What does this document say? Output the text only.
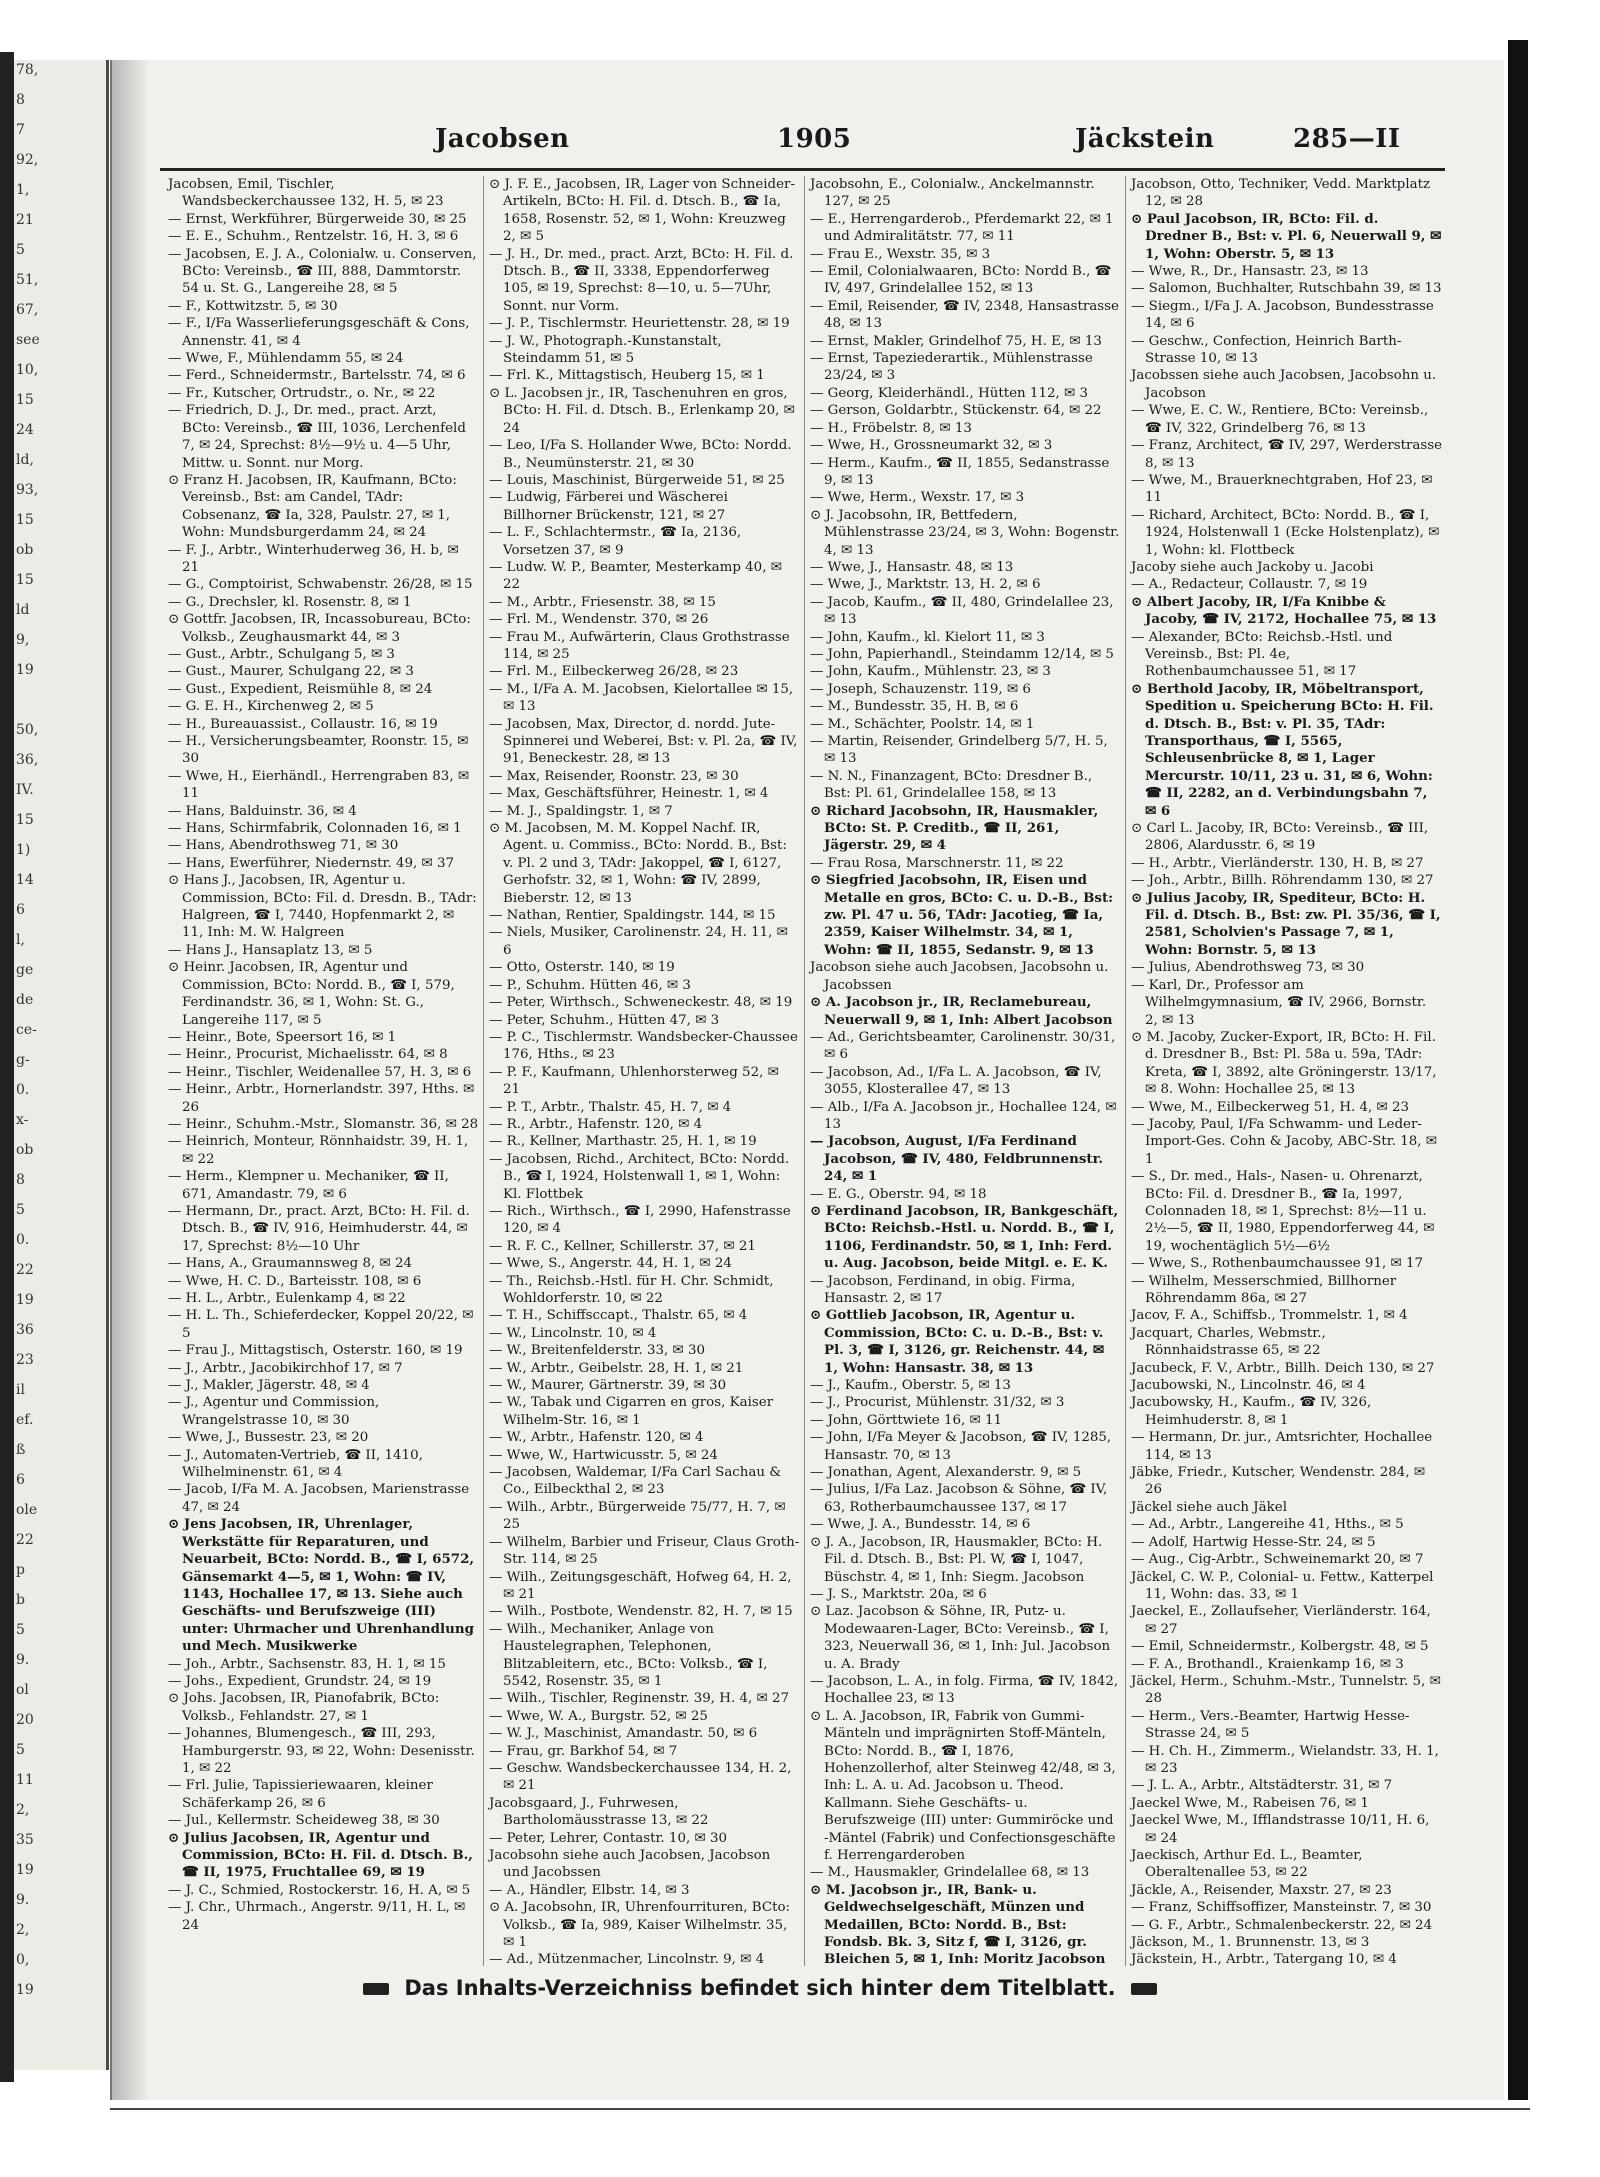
78,
8
7
92,
1,
21
5
51,
67,
see
10,
15
24
ld,
93,
15
ob
15
ld
9,
19
50,
36,
IV.
15
1)
14
6
l,
ge
de
ce-
g-
0.
x-
ob
8
5
0.
22
19
36
23
il
ef.
ß
6
ole
22
p
b
5
9.
ol
20
5
11
2,
35
19
9.
2,
0,
19
Jacobsen	1905	Jäckstein	285—II

Jacobsen, Emil, Tischler, Wandsbeckerchaussee 132, H. 5, ✉ 23

— Ernst, Werkführer, Bürgerweide 30, ✉ 25

— E. E., Schuhm., Rentzelstr. 16, H. 3, ✉ 6

— Jacobsen, E. J. A., Colonialw. u. Conserven, BCto: Vereinsb., ☎ III, 888, Dammtorstr. 54 u. St. G., Langereihe 28, ✉ 5

— F., Kottwitzstr. 5, ✉ 30

— F., I/Fa Wasserlieferungsgeschäft & Cons, Annenstr. 41, ✉ 4

— Wwe, F., Mühlendamm 55, ✉ 24

— Ferd., Schneidermstr., Bartelsstr. 74, ✉ 6

— Fr., Kutscher, Ortrudstr., o. Nr., ✉ 22

— Friedrich, D. J., Dr. med., pract. Arzt, BCto: Vereinsb., ☎ III, 1036, Lerchenfeld 7, ✉ 24, Sprechst: 8½—9½ u. 4—5 Uhr, Mittw. u. Sonnt. nur Morg.

⊙ Franz H. Jacobsen, IR, Kaufmann, BCto: Vereinsb., Bst: am Candel, TAdr: Cobsenanz, ☎ Ia, 328, Paulstr. 27, ✉ 1, Wohn: Mundsburgerdamm 24, ✉ 24

— F. J., Arbtr., Winterhuderweg 36, H. b, ✉ 21

— G., Comptoirist, Schwabenstr. 26/28, ✉ 15

— G., Drechsler, kl. Rosenstr. 8, ✉ 1

⊙ Gottfr. Jacobsen, IR, Incassobureau, BCto: Volksb., Zeughausmarkt 44, ✉ 3

— Gust., Arbtr., Schulgang 5, ✉ 3

— Gust., Maurer, Schulgang 22, ✉ 3

— Gust., Expedient, Reismühle 8, ✉ 24

— G. E. H., Kirchenweg 2, ✉ 5

— H., Bureauassist., Collaustr. 16, ✉ 19

— H., Versicherungsbeamter, Roonstr. 15, ✉ 30

— Wwe, H., Eierhändl., Herrengraben 83, ✉ 11

— Hans, Balduinstr. 36, ✉ 4

— Hans, Schirmfabrik, Colonnaden 16, ✉ 1

— Hans, Abendrothsweg 71, ✉ 30

— Hans, Ewerführer, Niedernstr. 49, ✉ 37

⊙ Hans J., Jacobsen, IR, Agentur u. Commission, BCto: Fil. d. Dresdn. B., TAdr: Halgreen, ☎ I, 7440, Hopfenmarkt 2, ✉ 11, Inh: M. W. Halgreen

— Hans J., Hansaplatz 13, ✉ 5

⊙ Heinr. Jacobsen, IR, Agentur und Commission, BCto: Nordd. B., ☎ I, 579, Ferdinandstr. 36, ✉ 1, Wohn: St. G., Langereihe 117, ✉ 5

— Heinr., Bote, Speersort 16, ✉ 1

— Heinr., Procurist, Michaelisstr. 64, ✉ 8

— Heinr., Tischler, Weidenallee 57, H. 3, ✉ 6

— Heinr., Arbtr., Hornerlandstr. 397, Hths. ✉ 26

— Heinr., Schuhm.-Mstr., Slomanstr. 36, ✉ 28

— Heinrich, Monteur, Rönnhaidstr. 39, H. 1, ✉ 22

— Herm., Klempner u. Mechaniker, ☎ II, 671, Amandastr. 79, ✉ 6

— Hermann, Dr., pract. Arzt, BCto: H. Fil. d. Dtsch. B., ☎ IV, 916, Heimhuderstr. 44, ✉ 17, Sprechst: 8½—10 Uhr

— Hans, A., Graumannsweg 8, ✉ 24

— Wwe, H. C. D., Barteisstr. 108, ✉ 6

— H. L., Arbtr., Eulenkamp 4, ✉ 22

— H. L. Th., Schieferdecker, Koppel 20/22, ✉ 5

— Frau J., Mittagstisch, Osterstr. 160, ✉ 19

— J., Arbtr., Jacobikirchhof 17, ✉ 7

— J., Makler, Jägerstr. 48, ✉ 4

— J., Agentur und Commission, Wrangelstrasse 10, ✉ 30

— Wwe, J., Bussestr. 23, ✉ 20

— J., Automaten-Vertrieb, ☎ II, 1410, Wilhelminenstr. 61, ✉ 4

— Jacob, I/Fa M. A. Jacobsen, Marienstrasse 47, ✉ 24

⊙ Jens Jacobsen, IR, Uhrenlager, Werkstätte für Reparaturen, und Neuarbeit, BCto: Nordd. B., ☎ I, 6572, Gänsemarkt 4—5, ✉ 1, Wohn: ☎ IV, 1143, Hochallee 17, ✉ 13. Siehe auch Geschäfts- und Berufszweige (III) unter: Uhrmacher und Uhrenhandlung und Mech. Musikwerke

— Joh., Arbtr., Sachsenstr. 83, H. 1, ✉ 15

— Johs., Expedient, Grundstr. 24, ✉ 19

⊙ Johs. Jacobsen, IR, Pianofabrik, BCto: Volksb., Fehlandstr. 27, ✉ 1

— Johannes, Blumengesch., ☎ III, 293, Hamburgerstr. 93, ✉ 22, Wohn: Desenisstr. 1, ✉ 22

— Frl. Julie, Tapissieriewaaren, kleiner Schäferkamp 26, ✉ 6

— Jul., Kellermstr. Scheideweg 38, ✉ 30

⊙ Julius Jacobsen, IR, Agentur und Commission, BCto: H. Fil. d. Dtsch. B., ☎ II, 1975, Fruchtallee 69, ✉ 19

— J. C., Schmied, Rostockerstr. 16, H. A, ✉ 5

— J. Chr., Uhrmach., Angerstr. 9/11, H. L, ✉ 24

⊙ J. F. E., Jacobsen, IR, Lager von Schneider-Artikeln, BCto: H. Fil. d. Dtsch. B., ☎ Ia, 1658, Rosenstr. 52, ✉ 1, Wohn: Kreuzweg 2, ✉ 5

— J. H., Dr. med., pract. Arzt, BCto: H. Fil. d. Dtsch. B., ☎ II, 3338, Eppendorferweg 105, ✉ 19, Sprechst: 8—10, u. 5—7Uhr, Sonnt. nur Vorm.

— J. P., Tischlermstr. Heuriettenstr. 28, ✉ 19

— J. W., Photograph.-Kunstanstalt, Steindamm 51, ✉ 5

— Frl. K., Mittagstisch, Heuberg 15, ✉ 1

⊙ L. Jacobsen jr., IR, Taschenuhren en gros, BCto: H. Fil. d. Dtsch. B., Erlenkamp 20, ✉ 24

— Leo, I/Fa S. Hollander Wwe, BCto: Nordd. B., Neumünsterstr. 21, ✉ 30

— Louis, Maschinist, Bürgerweide 51, ✉ 25

— Ludwig, Färberei und Wäscherei Billhorner Brückenstr, 121, ✉ 27

— L. F., Schlachtermstr., ☎ Ia, 2136, Vorsetzen 37, ✉ 9

— Ludw. W. P., Beamter, Mesterkamp 40, ✉ 22

— M., Arbtr., Friesenstr. 38, ✉ 15

— Frl. M., Wendenstr. 370, ✉ 26

— Frau M., Aufwärterin, Claus Grothstrasse 114, ✉ 25

— Frl. M., Eilbeckerweg 26/28, ✉ 23

— M., I/Fa A. M. Jacobsen, Kielortallee ✉ 15, ✉ 13

— Jacobsen, Max, Director, d. nordd. Jute-Spinnerei und Weberei, Bst: v. Pl. 2a, ☎ IV, 91, Beneckestr. 28, ✉ 13

— Max, Reisender, Roonstr. 23, ✉ 30

— Max, Geschäftsführer, Heinestr. 1, ✉ 4

— M. J., Spaldingstr. 1, ✉ 7

⊙ M. Jacobsen, M. M. Koppel Nachf. IR, Agent. u. Commiss., BCto: Nordd. B., Bst: v. Pl. 2 und 3, TAdr: Jakoppel, ☎ I, 6127, Gerhofstr. 32, ✉ 1, Wohn: ☎ IV, 2899, Bieberstr. 12, ✉ 13

— Nathan, Rentier, Spaldingstr. 144, ✉ 15

— Niels, Musiker, Carolinenstr. 24, H. 11, ✉ 6

— Otto, Osterstr. 140, ✉ 19

— P., Schuhm. Hütten 46, ✉ 3

— Peter, Wirthsch., Schweneckestr. 48, ✉ 19

— Peter, Schuhm., Hütten 47, ✉ 3

— P. C., Tischlermstr. Wandsbecker-Chaussee 176, Hths., ✉ 23

— P. F., Kaufmann, Uhlenhorsterweg 52, ✉ 21

— P. T., Arbtr., Thalstr. 45, H. 7, ✉ 4

— R., Arbtr., Hafenstr. 120, ✉ 4

— R., Kellner, Marthastr. 25, H. 1, ✉ 19

— Jacobsen, Richd., Architect, BCto: Nordd. B., ☎ I, 1924, Holstenwall 1, ✉ 1, Wohn: Kl. Flottbek

— Rich., Wirthsch., ☎ I, 2990, Hafenstrasse 120, ✉ 4

— R. F. C., Kellner, Schillerstr. 37, ✉ 21

— Wwe, S., Angerstr. 44, H. 1, ✉ 24

— Th., Reichsb.-Hstl. für H. Chr. Schmidt, Wohldorferstr. 10, ✉ 22

— T. H., Schiffsccapt., Thalstr. 65, ✉ 4

— W., Lincolnstr. 10, ✉ 4

— W., Breitenfelderstr. 33, ✉ 30

— W., Arbtr., Geibelstr. 28, H. 1, ✉ 21

— W., Maurer, Gärtnerstr. 39, ✉ 30

— W., Tabak und Cigarren en gros, Kaiser Wilhelm-Str. 16, ✉ 1

— W., Arbtr., Hafenstr. 120, ✉ 4

— Wwe, W., Hartwicusstr. 5, ✉ 24

— Jacobsen, Waldemar, I/Fa Carl Sachau & Co., Eilbeckthal 2, ✉ 23

— Wilh., Arbtr., Bürgerweide 75/77, H. 7, ✉ 25

— Wilhelm, Barbier und Friseur, Claus Groth-Str. 114, ✉ 25

— Wilh., Zeitungsgeschäft, Hofweg 64, H. 2, ✉ 21

— Wilh., Postbote, Wendenstr. 82, H. 7, ✉ 15

— Wilh., Mechaniker, Anlage von Haustelegraphen, Telephonen, Blitzableitern, etc., BCto: Volksb., ☎ I, 5542, Rosenstr. 35, ✉ 1

— Wilh., Tischler, Reginenstr. 39, H. 4, ✉ 27

— Wwe, W. A., Burgstr. 52, ✉ 25

— W. J., Maschinist, Amandastr. 50, ✉ 6

— Frau, gr. Barkhof 54, ✉ 7

— Geschw. Wandsbeckerchaussee 134, H. 2, ✉ 21

Jacobsgaard, J., Fuhrwesen, Bartholomäusstrasse 13, ✉ 22

— Peter, Lehrer, Contastr. 10, ✉ 30

Jacobsohn siehe auch Jacobsen, Jacobson und Jacobssen

— A., Händler, Elbstr. 14, ✉ 3

⊙ A. Jacobsohn, IR, Uhrenfourrituren, BCto: Volksb., ☎ Ia, 989, Kaiser Wilhelmstr. 35, ✉ 1

— Ad., Mützenmacher, Lincolnstr. 9, ✉ 4

Jacobsohn, E., Colonialw., Anckelmannstr. 127, ✉ 25

— E., Herrengarderob., Pferdemarkt 22, ✉ 1 und Admiralitätstr. 77, ✉ 11

— Frau E., Wexstr. 35, ✉ 3

— Emil, Colonialwaaren, BCto: Nordd B., ☎ IV, 497, Grindelallee 152, ✉ 13

— Emil, Reisender, ☎ IV, 2348, Hansastrasse 48, ✉ 13

— Ernst, Makler, Grindelhof 75, H. E, ✉ 13

— Ernst, Tapeziederartik., Mühlenstrasse 23/24, ✉ 3

— Georg, Kleiderhändl., Hütten 112, ✉ 3

— Gerson, Goldarbtr., Stückenstr. 64, ✉ 22

— H., Fröbelstr. 8, ✉ 13

— Wwe, H., Grossneumarkt 32, ✉ 3

— Herm., Kaufm., ☎ II, 1855, Sedanstrasse 9, ✉ 13

— Wwe, Herm., Wexstr. 17, ✉ 3

⊙ J. Jacobsohn, IR, Bettfedern, Mühlenstrasse 23/24, ✉ 3, Wohn: Bogenstr. 4, ✉ 13

— Wwe, J., Hansastr. 48, ✉ 13

— Wwe, J., Marktstr. 13, H. 2, ✉ 6

— Jacob, Kaufm., ☎ II, 480, Grindelallee 23, ✉ 13

— John, Kaufm., kl. Kielort 11, ✉ 3

— John, Papierhandl., Steindamm 12/14, ✉ 5

— John, Kaufm., Mühlenstr. 23, ✉ 3

— Joseph, Schauzenstr. 119, ✉ 6

— M., Bundesstr. 35, H. B, ✉ 6

— M., Schächter, Poolstr. 14, ✉ 1

— Martin, Reisender, Grindelberg 5/7, H. 5, ✉ 13

— N. N., Finanzagent, BCto: Dresdner B., Bst: Pl. 61, Grindelallee 158, ✉ 13

⊙ Richard Jacobsohn, IR, Hausmakler, BCto: St. P. Creditb., ☎ II, 261, Jägerstr. 29, ✉ 4

— Frau Rosa, Marschnerstr. 11, ✉ 22

⊙ Siegfried Jacobsohn, IR, Eisen und Metalle en gros, BCto: C. u. D.-B., Bst: zw. Pl. 47 u. 56, TAdr: Jacotieg, ☎ Ia, 2359, Kaiser Wilhelmstr. 34, ✉ 1, Wohn: ☎ II, 1855, Sedanstr. 9, ✉ 13

Jacobson siehe auch Jacobsen, Jacobsohn u. Jacobssen

⊙ A. Jacobson jr., IR, Reclamebureau, Neuerwall 9, ✉ 1, Inh: Albert Jacobson

— Ad., Gerichtsbeamter, Carolinenstr. 30/31, ✉ 6

— Jacobson, Ad., I/Fa L. A. Jacobson, ☎ IV, 3055, Klosterallee 47, ✉ 13

— Alb., I/Fa A. Jacobson jr., Hochallee 124, ✉ 13

— Jacobson, August, I/Fa Ferdinand Jacobson, ☎ IV, 480, Feldbrunnenstr. 24, ✉ 1

— E. G., Oberstr. 94, ✉ 18

⊙ Ferdinand Jacobson, IR, Bankgeschäft, BCto: Reichsb.-Hstl. u. Nordd. B., ☎ I, 1106, Ferdinandstr. 50, ✉ 1, Inh: Ferd. u. Aug. Jacobson, beide Mitgl. e. E. K.

— Jacobson, Ferdinand, in obig. Firma, Hansastr. 2, ✉ 17

⊙ Gottlieb Jacobson, IR, Agentur u. Commission, BCto: C. u. D.-B., Bst: v. Pl. 3, ☎ I, 3126, gr. Reichenstr. 44, ✉ 1, Wohn: Hansastr. 38, ✉ 13

— J., Kaufm., Oberstr. 5, ✉ 13

— J., Procurist, Mühlenstr. 31/32, ✉ 3

— John, Görttwiete 16, ✉ 11

— John, I/Fa Meyer & Jacobson, ☎ IV, 1285, Hansastr. 70, ✉ 13

— Jonathan, Agent, Alexanderstr. 9, ✉ 5

— Julius, I/Fa Laz. Jacobson & Söhne, ☎ IV, 63, Rotherbaumchaussee 137, ✉ 17

— Wwe, J. A., Bundesstr. 14, ✉ 6

⊙ J. A., Jacobson, IR, Hausmakler, BCto: H. Fil. d. Dtsch. B., Bst: Pl. W, ☎ I, 1047, Büschstr. 4, ✉ 1, Inh: Siegm. Jacobson

— J. S., Marktstr. 20a, ✉ 6

⊙ Laz. Jacobson & Söhne, IR, Putz- u. Modewaaren-Lager, BCto: Vereinsb., ☎ I, 323, Neuerwall 36, ✉ 1, Inh: Jul. Jacobson u. A. Brady

— Jacobson, L. A., in folg. Firma, ☎ IV, 1842, Hochallee 23, ✉ 13

⊙ L. A. Jacobson, IR, Fabrik von Gummi-Mänteln und imprägnirten Stoff-Mänteln, BCto: Nordd. B., ☎ I, 1876, Hohenzollerhof, alter Steinweg 42/48, ✉ 3, Inh: L. A. u. Ad. Jacobson u. Theod. Kallmann. Siehe Geschäfts- u. Berufszweige (III) unter: Gummiröcke und -Mäntel (Fabrik) und Confectionsgeschäfte f. Herrengarderoben

— M., Hausmakler, Grindelallee 68, ✉ 13

⊙ M. Jacobson jr., IR, Bank- u. Geldwechselgeschäft, Münzen und Medaillen, BCto: Nordd. B., Bst: Fondsb. Bk. 3, Sitz f, ☎ I, 3126, gr. Bleichen 5, ✉ 1, Inh: Moritz Jacobson

Jacobson, Otto, Techniker, Vedd. Marktplatz 12, ✉ 28

⊙ Paul Jacobson, IR, BCto: Fil. d. Dredner B., Bst: v. Pl. 6, Neuerwall 9, ✉ 1, Wohn: Oberstr. 5, ✉ 13

— Wwe, R., Dr., Hansastr. 23, ✉ 13

— Salomon, Buchhalter, Rutschbahn 39, ✉ 13

— Siegm., I/Fa J. A. Jacobson, Bundesstrasse 14, ✉ 6

— Geschw., Confection, Heinrich Barth-Strasse 10, ✉ 13

Jacobssen siehe auch Jacobsen, Jacobsohn u. Jacobson

— Wwe, E. C. W., Rentiere, BCto: Vereinsb., ☎ IV, 322, Grindelberg 76, ✉ 13

— Franz, Architect, ☎ IV, 297, Werderstrasse 8, ✉ 13

— Wwe, M., Brauerknechtgraben, Hof 23, ✉ 11

— Richard, Architect, BCto: Nordd. B., ☎ I, 1924, Holstenwall 1 (Ecke Holstenplatz), ✉ 1, Wohn: kl. Flottbeck

Jacoby siehe auch Jackoby u. Jacobi

— A., Redacteur, Collaustr. 7, ✉ 19

⊙ Albert Jacoby, IR, I/Fa Knibbe & Jacoby, ☎ IV, 2172, Hochallee 75, ✉ 13

— Alexander, BCto: Reichsb.-Hstl. und Vereinsb., Bst: Pl. 4e, Rothenbaumchaussee 51, ✉ 17

⊙ Berthold Jacoby, IR, Möbeltransport, Spedition u. Speicherung BCto: H. Fil. d. Dtsch. B., Bst: v. Pl. 35, TAdr: Transporthaus, ☎ I, 5565, Schleusenbrücke 8, ✉ 1, Lager Mercurstr. 10/11, 23 u. 31, ✉ 6, Wohn: ☎ II, 2282, an d. Verbindungsbahn 7, ✉ 6

⊙ Carl L. Jacoby, IR, BCto: Vereinsb., ☎ III, 2806, Alardusstr. 6, ✉ 19

— H., Arbtr., Vierländerstr. 130, H. B, ✉ 27

— Joh., Arbtr., Billh. Röhrendamm 130, ✉ 27

⊙ Julius Jacoby, IR, Spediteur, BCto: H. Fil. d. Dtsch. B., Bst: zw. Pl. 35/36, ☎ I, 2581, Scholvien's Passage 7, ✉ 1, Wohn: Bornstr. 5, ✉ 13

— Julius, Abendrothsweg 73, ✉ 30

— Karl, Dr., Professor am Wilhelmgymnasium, ☎ IV, 2966, Bornstr. 2, ✉ 13

⊙ M. Jacoby, Zucker-Export, IR, BCto: H. Fil. d. Dresdner B., Bst: Pl. 58a u. 59a, TAdr: Kreta, ☎ I, 3892, alte Gröningerstr. 13/17, ✉ 8. Wohn: Hochallee 25, ✉ 13

— Wwe, M., Eilbeckerweg 51, H. 4, ✉ 23

— Jacoby, Paul, I/Fa Schwamm- und Leder-Import-Ges. Cohn & Jacoby, ABC-Str. 18, ✉ 1

— S., Dr. med., Hals-, Nasen- u. Ohrenarzt, BCto: Fil. d. Dresdner B., ☎ Ia, 1997, Colonnaden 18, ✉ 1, Sprechst: 8½—11 u. 2½—5, ☎ II, 1980, Eppendorferweg 44, ✉ 19, wochentäglich 5½—6½

— Wwe, S., Rothenbaumchaussee 91, ✉ 17

— Wilhelm, Messerschmied, Billhorner Röhrendamm 86a, ✉ 27

Jacov, F. A., Schiffsb., Trommelstr. 1, ✉ 4

Jacquart, Charles, Webmstr., Rönnhaidstrasse 65, ✉ 22

Jacubeck, F. V., Arbtr., Billh. Deich 130, ✉ 27

Jacubowski, N., Lincolnstr. 46, ✉ 4

Jacubowsky, H., Kaufm., ☎ IV, 326, Heimhuderstr. 8, ✉ 1

— Hermann, Dr. jur., Amtsrichter, Hochallee 114, ✉ 13

Jäbke, Friedr., Kutscher, Wendenstr. 284, ✉ 26

Jäckel siehe auch Jäkel

— Ad., Arbtr., Langereihe 41, Hths., ✉ 5

— Adolf, Hartwig Hesse-Str. 24, ✉ 5

— Aug., Cig-Arbtr., Schweinemarkt 20, ✉ 7

Jäckel, C. W. P., Colonial- u. Fettw., Katterpel 11, Wohn: das. 33, ✉ 1

Jaeckel, E., Zollaufseher, Vierländerstr. 164, ✉ 27

— Emil, Schneidermstr., Kolbergstr. 48, ✉ 5

— F. A., Brothandl., Kraienkamp 16, ✉ 3

Jäckel, Herm., Schuhm.-Mstr., Tunnelstr. 5, ✉ 28

— Herm., Vers.-Beamter, Hartwig Hesse-Strasse 24, ✉ 5

— H. Ch. H., Zimmerm., Wielandstr. 33, H. 1, ✉ 23

— J. L. A., Arbtr., Altstädterstr. 31, ✉ 7

Jaeckel Wwe, M., Rabeisen 76, ✉ 1

Jaeckel Wwe, M., Ifflandstrasse 10/11, H. 6, ✉ 24

Jaeckisch, Arthur Ed. L., Beamter, Oberaltenallee 53, ✉ 22

Jäckle, A., Reisender, Maxstr. 27, ✉ 23

— Franz, Schiffsoffizer, Mansteinstr. 7, ✉ 30

— G. F., Arbtr., Schmalenbeckerstr. 22, ✉ 24

Jäckson, M., 1. Brunnenstr. 13, ✉ 3

Jäckstein, H., Arbtr., Tatergang 10, ✉ 4

Das Inhalts-Verzeichniss befindet sich hinter dem Titelblatt.
